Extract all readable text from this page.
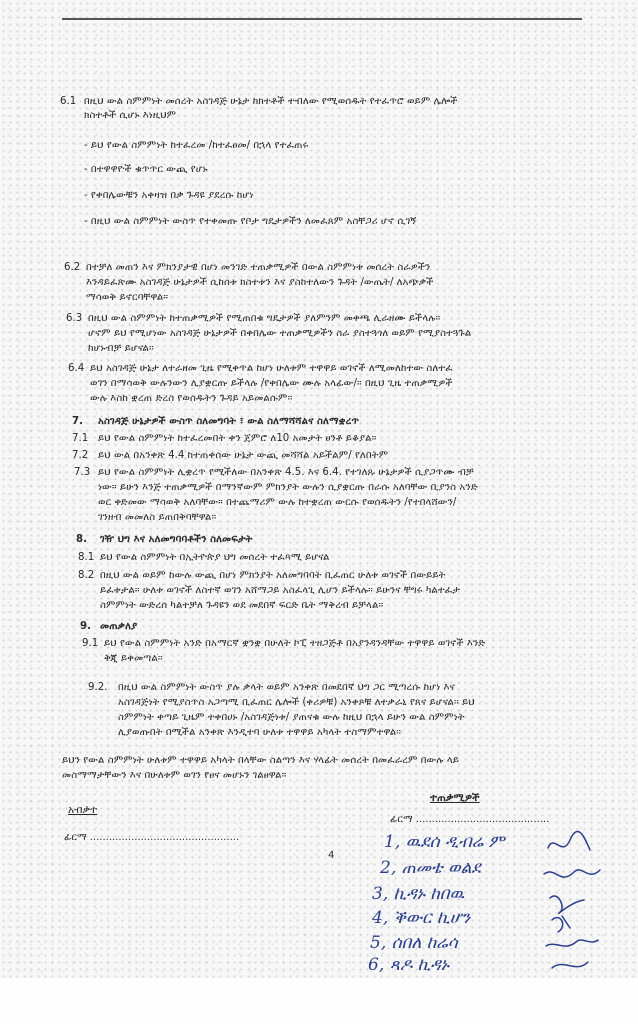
6.1 በዚህ ውል ስምምነት መሰረት አስገዳጅ ሁኔታ ከክተቶች ተብለው የሚወሰዱት የተፈጥሮ ወይም ሌሎች
ክስተቶች ሲሆኑ እነዚህም
- ይህ የውል ስምምነት ከተፈረመ /ከተፈፀመ/ በኋላ የተፈጠሩ
- በተዋዋዮች ቁጥጥር ውጪ የሆኑ
- የቀበሌውቹን አቀዛዝ በቃ ጉዳዩ ያደረሱ ከሆነ
- በዚህ ውል ስምምነት ውስጥ የተቀመጡ የቦታ ግዴታዎችን ለመፈጸም አስቸጋሪ ሆኖ ሲገኝ
6.2 በተቻለ መጠን እና ምክንያታዊ በሆነ መንገድ ተጠቃሚዎች በውል ስምምነቱ መሰረት ስራዎችን
እንዳይፈጽሙ አስገዳጅ ሁኔታዎች ሲከሰቱ ክስተቱን እና ያስከተለውን ጉዳት /ውጤት/ ለአጭቃች
ማሳወቅ ይኖርባቸዋል።
6.3 በዚህ ውል ስምምነት ከተጠቃሚዎች የሚጠበቁ ግዴታዎች ያለምንም መቀጫ ሊራዘሙ ይችላሉ፡፡
ሆኖም ይህ የሚሆነው አስገዳጅ ሁኔታዎች በቀበሌው ተጠቃሚዎችን ስራ ያስተጓጎለ ወይም የሚያስተጓጉል
ከሆኑብቻ ይሆናል፡፡
6.4 ይህ አስገዳጅ ሁኔታ ለተራዘመ ጊዜ የሚቀጥል ከሆነ ሁለቱም ተዋዋይ ወገኖች ለሚመለከተው ስለተፈ
ወገን በማሳወቅ ውሉንውን ሊያቋርጡ ይችላሉ /የቀበሌው ሙሉ አላፊው/፡፡ በዚህ ጊዜ ተጠቃሚዎች
ውሉ እስከ ቋረጠ ድረስ የወሰዱትን ጉዳይ አይመልሱም፡፡
7. አስገዳጅ ሁኔታዎች ውስጥ ስለመግባት ፣ ውል ስለማሻሻልና ስለማቋረጥ
7.1 ይህ የውል ስምምነት ከተፈረመበት ቀን ጀምሮ ለ10 አመታት ፀንቶ ይቆያል፡፡
7.2 ይህ ውል በአንቀጽ 4.4 ከተጠቀሰው ሁኔታ ውጪ መሻሻል አይችልም/ የለበትም
7.3 ይህ የውል ስምምነት ሊቋረጥ የሚችለው በአንቀጽ 4.5. እና 6.4. የተገለጹ ሁኔታዎች ሲያጋጥሙ ብቻ
ነው። ይሁን እንጅ ተጠቃሚዎች በማንኛውም ምክንያት ውሉን ሲያቋርጡ በራሱ አለባቸው ቢያንስ አንድ
ወር ቀድመው ማሳወቅ አለባቸው። በተጨማሪም ውሉ ከተቋረጠ ውርሱ የወሰዱትን /የተበላሸውን/
ገንዘብ መመለስ ይጠበቅባቸዋል፡፡
8. ገዥ ህግ እና አለመግባባቶችን ስለመፍታት
8.1 ይህ የውል ስምምነት በኢትዮጵያ ህግ መሰረት ተፈጻሚ ይሆናል
8.2 በዚህ ውል ወይም ከውሉ ውጪ በሆነ ምክንያት አለመግባባት ቢፈጠር ሁለቱ ወገኖች በውይይት
ይፈቱታል። ሁለቱ ወገኖች ለስተኛ ወገን አሸማጋይ አስፈላጊ ሊሆን ይችላሉ። ይሁንና ቸግሩ ካልተፈታ
ስምምነት ውድረሰ ካልተቻለ ጉዳዩን ወደ መደበኛ ፍርድ ቤት ማቅረብ ይቻላል፡፡
9. መጠቃለያ
9.1 ይህ የውል ስምምነት አንድ በአማርኛ ቋንቋ በሁለት ኮፒ ተዘጋጅቶ በአያንዳንዳቸው ተዋዋይ ወገኖች እንድ
ቅጂ ይቀመጣል፡፡
9.2. በዚህ ውል ስምምነት ውስጥ ያሉ ቃላት ወይም አንቀጽ በመደበኛ ህግ ጋር ሚጣረሱ ከሆነ እና
አስገዳጅነት የሚያስጥስ አጋጣሚ ቢፈጠር ሌሎች (ቀሪዎቹ) አንቀጾቹ ለተቃራኒ የጸና ይሆናል፡፡ ይህ
ስምምነት ቀጣይ ጊዜም ተቀበሀኑ /አስገዳጅነቱ/ ያጠናቁ ውሉ ከዚህ በኋላ ይሁን ውል ስምምነት
ሊያወጡበት በሚችል አንቀጽ እንዲተባ ሁለቱ ተዋዋይ አካላት ተስማምተዋል፡፡
ይህን የውል ስምምነት ሁለቱም ተዋዋይ አካላት በላቸው ስልጣን እና ሃላፊት መሰረት በመፈራረም በውሉ ላይ
መስማማታቸውን እና በሁለቱም ወገን የፀና መሆኑን ገልፀዋል፡፡
አብቃተ
ፊርማ ...............................................
ተጠቃሚዎች
ፊርማ ..........................................
4
1, ዉደሰ ዲብሬ ም
2, ጠመቴ ወልደ
3, ኪዳኑ ከበዉ
4, ቕውር ኪሆን
5, ሰበለ ከሬሳ
6, ጻዶ ኪዳኑ
